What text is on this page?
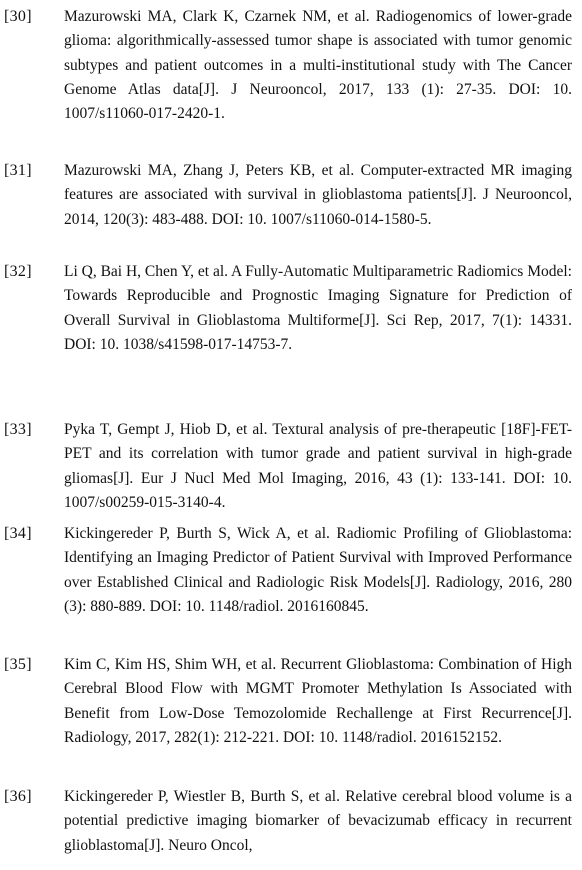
[30] Mazurowski MA, Clark K, Czarnek NM, et al. Radiogenomics of lower-grade glioma: algorithmically-assessed tumor shape is associated with tumor genomic subtypes and patient outcomes in a multi-institutional study with The Cancer Genome Atlas data[J]. J Neurooncol, 2017, 133 (1): 27-35. DOI: 10. 1007/s11060-017-2420-1.
[31] Mazurowski MA, Zhang J, Peters KB, et al. Computer-extracted MR imaging features are associated with survival in glioblastoma patients[J]. J Neurooncol, 2014, 120(3): 483-488. DOI: 10. 1007/s11060-014-1580-5.
[32] Li Q, Bai H, Chen Y, et al. A Fully-Automatic Multiparametric Radiomics Model: Towards Reproducible and Prognostic Imaging Signature for Prediction of Overall Survival in Glioblastoma Multiforme[J]. Sci Rep, 2017, 7(1): 14331. DOI: 10. 1038/s41598-017-14753-7.
[33] Pyka T, Gempt J, Hiob D, et al. Textural analysis of pre-therapeutic [18F]-FET-PET and its correlation with tumor grade and patient survival in high-grade gliomas[J]. Eur J Nucl Med Mol Imaging, 2016, 43 (1): 133-141. DOI: 10. 1007/s00259-015-3140-4.
[34] Kickingereder P, Burth S, Wick A, et al. Radiomic Profiling of Glioblastoma: Identifying an Imaging Predictor of Patient Survival with Improved Performance over Established Clinical and Radiologic Risk Models[J]. Radiology, 2016, 280 (3): 880-889. DOI: 10. 1148/radiol. 2016160845.
[35] Kim C, Kim HS, Shim WH, et al. Recurrent Glioblastoma: Combination of High Cerebral Blood Flow with MGMT Promoter Methylation Is Associated with Benefit from Low-Dose Temozolomide Rechallenge at First Recurrence[J]. Radiology, 2017, 282(1): 212-221. DOI: 10. 1148/radiol. 2016152152.
[36] Kickingereder P, Wiestler B, Burth S, et al. Relative cerebral blood volume is a potential predictive imaging biomarker of bevacizumab efficacy in recurrent glioblastoma[J]. Neuro Oncol,
